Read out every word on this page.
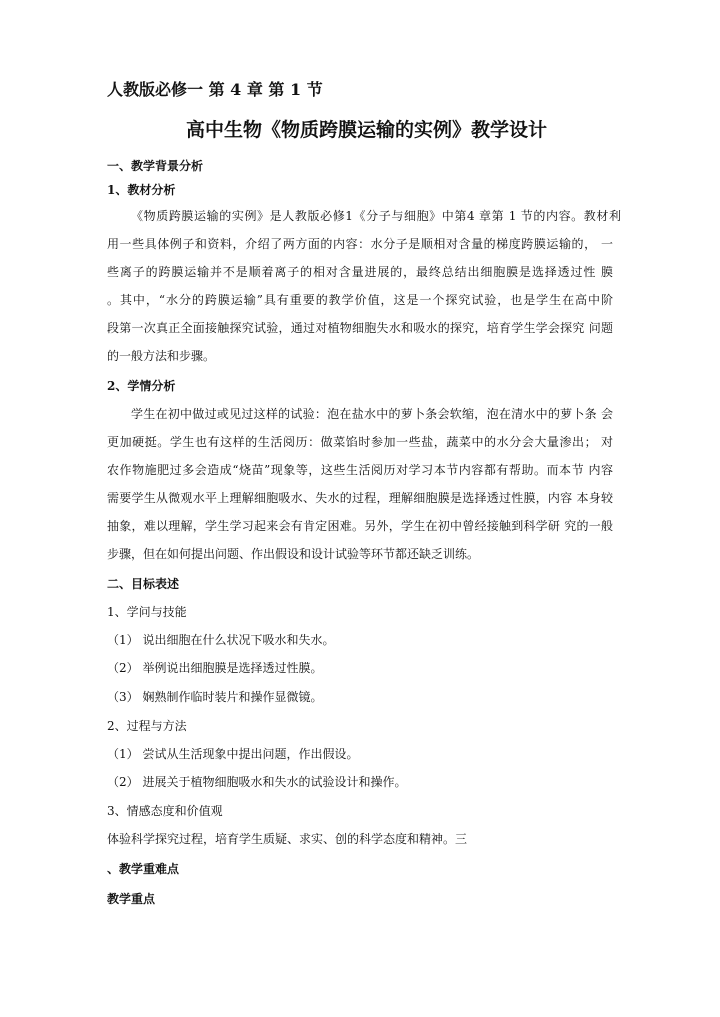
人教版必修一 第 4 章 第 1 节
高中生物《物质跨膜运输的实例》教学设计
一、教学背景分析
1、教材分析
《物质跨膜运输的实例》是人教版必修1《分子与细胞》中第4 章第 1 节的内容。教材利
用一些具体例子和资料，介绍了两方面的内容：水分子是顺相对含量的梯度跨膜运输的， 一
些离子的跨膜运输并不是顺着离子的相对含量进展的，最终总结出细胞膜是选择透过性 膜
。其中，“水分的跨膜运输”具有重要的教学价值，这是一个探究试验，也是学生在高中阶
段第一次真正全面接触探究试验，通过对植物细胞失水和吸水的探究，培育学生学会探究 问题
的一般方法和步骤。
2、学情分析
学生在初中做过或见过这样的试验：泡在盐水中的萝卜条会软缩，泡在清水中的萝卜条 会
更加硬挺。学生也有这样的生活阅历：做菜馅时参加一些盐，蔬菜中的水分会大量渗出； 对
农作物施肥过多会造成“烧苗”现象等，这些生活阅历对学习本节内容都有帮助。而本节 内容
需要学生从微观水平上理解细胞吸水、失水的过程，理解细胞膜是选择透过性膜，内容 本身较
抽象，难以理解，学生学习起来会有肯定困难。另外，学生在初中曾经接触到科学研 究的一般
步骤，但在如何提出问题、作出假设和设计试验等环节都还缺乏训练。
二、目标表述
1、学问与技能
（1） 说出细胞在什么状况下吸水和失水。
（2） 举例说出细胞膜是选择透过性膜。
（3） 娴熟制作临时装片和操作显微镜。
2、过程与方法
（1） 尝试从生活现象中提出问题，作出假设。
（2） 进展关于植物细胞吸水和失水的试验设计和操作。
3、情感态度和价值观
体验科学探究过程，培育学生质疑、求实、创的科学态度和精神。三
、教学重难点
教学重点
